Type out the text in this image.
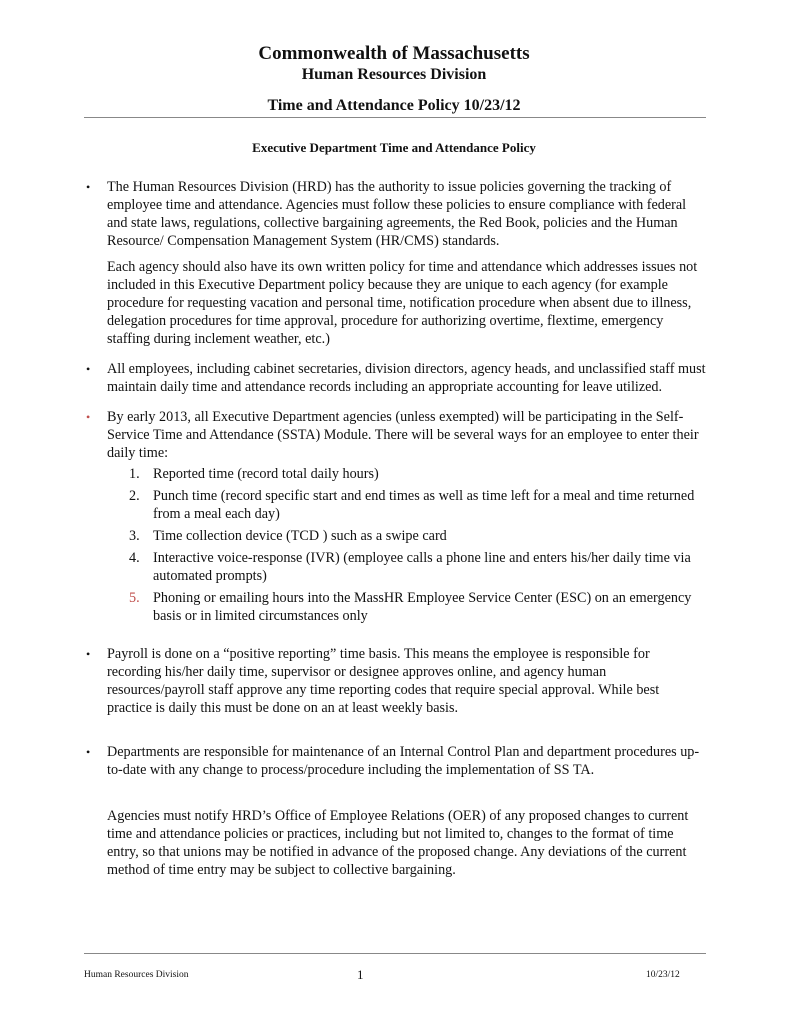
Commonwealth of Massachusetts
Human Resources Division
Time and Attendance Policy 10/23/12
Executive Department Time and Attendance Policy
• The Human Resources Division (HRD) has the authority to issue policies governing the tracking of employee time and attendance. Agencies must follow these policies to ensure compliance with federal and state laws, regulations, collective bargaining agreements, the Red Book, policies and the Human Resource/ Compensation Management System (HR/CMS) standards.

Each agency should also have its own written policy for time and attendance which addresses issues not included in this Executive Department policy because they are unique to each agency (for example procedure for requesting vacation and personal time, notification procedure when absent due to illness, delegation procedures for time approval, procedure for authorizing overtime, flextime, emergency staffing during inclement weather, etc.)

• All employees, including cabinet secretaries, division directors, agency heads, and unclassified staff must maintain daily time and attendance records including an appropriate accounting for leave utilized.

• By early 2013, all Executive Department agencies (unless exempted) will be participating in the Self-Service Time and Attendance (SSTA) Module. There will be several ways for an employee to enter their daily time:

1. Reported time (record total daily hours)
2. Punch time (record specific start and end times as well as time left for a meal and time returned from a meal each day)
3. Time collection device (TCD ) such as a swipe card
4. Interactive voice-response (IVR) (employee calls a phone line and enters his/her daily time via automated prompts)
5. Phoning or emailing hours into the MassHR Employee Service Center (ESC) on an emergency basis or in limited circumstances only
• Payroll is done on a “positive reporting” time basis. This means the employee is responsible for recording his/her daily time, supervisor or designee approves online, and agency human resources/payroll staff approve any time reporting codes that require special approval. While best practice is daily this must be done on an at least weekly basis.

• Departments are responsible for maintenance of an Internal Control Plan and department procedures up-to-date with any change to process/procedure including the implementation of SS TA.

Agencies must notify HRD’s Office of Employee Relations (OER) of any proposed changes to current time and attendance policies or practices, including but not limited to, changes to the format of time entry, so that unions may be notified in advance of the proposed change. Any deviations of the current method of time entry may be subject to collective bargaining.

Human Resources Division	1	10/23/12
